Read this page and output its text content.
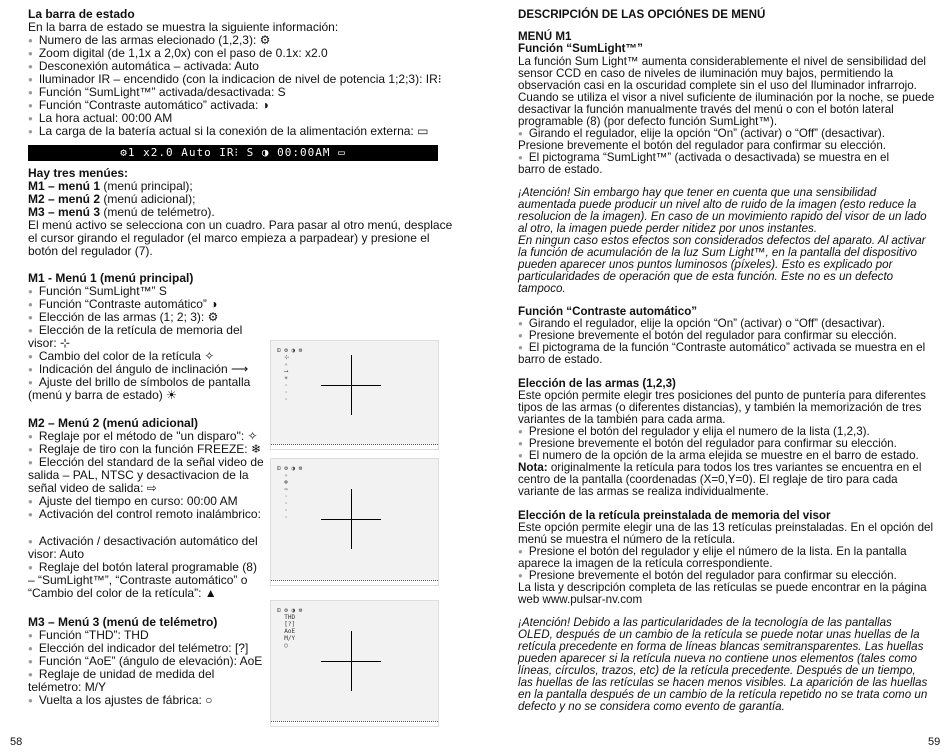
La barra de estado
En la barra de estado se muestra la siguiente información:
● Numero de las armas elecionado (1,2,3): ⚙
● Zoom digital (de 1,1x a 2,0x) con el paso de 0.1x: x2.0
● Desconexión automática – activada: Auto
● Iluminador IR – encendido (con la indicacion de nivel de potencia 1;2;3): IR⁝
● Función “SumLight™” activada/desactivada: S
● Función “Contraste automático” activada: ◑
● La hora actual: 00:00 AM
● La carga de la batería actual si la conexión de la alimentación externa: ▭
Hay tres menúes:
M1 – menú 1 (menú principal);
M2 – menú 2 (menú adicional);
M3 – menú 3 (menú de telémetro).
El menú activo se selecciona con un cuadro. Para pasar al otro menú, desplace
el cursor girando el regulador (el marco empieza a parpadear) y presione el
botón del regulador (7).
M1 - Menú 1 (menú principal)
● Función “SumLight™” S
● Función “Contraste automático” ◑
● Elección de las armas (1; 2; 3): ⚙
● Elección de la retícula de memoria del
visor: ⊹
● Cambio del color de la retícula ✧
● Indicación del ángulo de inclinación ⟶
● Ajuste del brillo de símbolos de pantalla
(menú y barra de estado) ☀
M2 – Menú 2 (menú adicional)
● Reglaje por el método de "un disparo": ✧
● Reglaje de tiro con la función FREEZE: ❄
● Elección del standard de la señal video de
salida – PAL, NTSC y desactivacion de la
señal video de salida: ⇨
● Ajuste del tiempo en curso: 00:00 AM
● Activación del control remoto inalámbrico:
● Activación / desactivación automático del
visor: Auto
● Reglaje del botón lateral programable (8)
– “SumLight™”, “Contraste automático” o
“Cambio del color de la retícula”: ▲
M3 – Menú 3 (menú de telémetro)
● Función “THD”: THD
● Elección del indicador del telémetro: [?]
● Función “AoE” (ángulo de elevación): AoE
● Reglaje de unidad de medida del
telémetro: M/Y
● Vuelta a los ajustes de fábrica: ○
DESCRIPCIÓN DE LAS OPCIÓNES DE MENÚ
MENÚ M1
Función “SumLight™”
La función Sum Light™ aumenta considerablemente el nivel de sensibilidad del
sensor CCD en caso de niveles de iluminación muy bajos, permitiendo la
observación casi en la oscuridad complete sin el uso del Iluminador infrarrojo.
Cuando se utiliza el visor a nivel suficiente de iluminación por la noche, se puede
desactivar la función manualmente través del menú o con el botón lateral
programable (8) (por defecto función SumLight™).
● Girando el regulador, elije la opción “On” (activar) o “Off” (desactivar).
Presione brevemente el botón del regulador para confirmar su elección.
● El pictograma “SumLight™” (activada o desactivada) se muestra en el
barro de estado.
¡Atención! Sin embargo hay que tener en cuenta que una sensibilidad
aumentada puede producir un nivel alto de ruido de la imagen (esto reduce la
resolucion de la imagen). En caso de un movimiento rapido del visor de un lado
al otro, la imagen puede perder nitidez por unos instantes.
En ningun caso estos efectos son considerados defectos del aparato. Al activar
la función de acumulación de la luz Sum Light™, en la pantalla del dispositivo
pueden aparecer unos puntos luminosos (píxeles). Esto es explicado por
particularidades de operación que de esta función. Este no es un defecto
tampoco.
Función “Contraste automático”
● Girando el regulador, elije la opción “On” (activar) o “Off” (desactivar).
● Presione brevemente el botón del regulador para confirmar su elección.
● El pictograma de la función “Contraste automático” activada se muestra en el
barro de estado.
Elección de las armas (1,2,3)
Este opción permite elegir tres posiciones del punto de puntería para diferentes
tipos de las armas (o diferentes distancias), y también la memorización de tres
variantes de la también para cada arma.
● Presione el botón del regulador y elija el numero de la lista (1,2,3).
● Presione brevemente el botón del regulador para confirmar su elección.
● El numero de la opción de la arma elejida se muestre en el barro de estado.
Nota: originalmente la retícula para todos los tres variantes se encuentra en el
centro de la pantalla (coordenadas (X=0,Y=0). El reglaje de tiro para cada
variante de las armas se realiza individualmente.
Elección de la retícula preinstalada de memoria del visor
Este opción permite elegir una de las 13 retículas preinstaladas. En el opción del
menú se muestra el número de la retícula.
● Presione el botón del regulador y elije el número de la lista. En la pantalla
aparece la imagen de la retícula correspondiente.
● Presione brevemente el botón del regulador para confirmar su elección.
La lista y descripción completa de las retículas se puede encontrar en la página
web www.pulsar-nv.com
¡Atención! Debido a las particularidades de la tecnología de las pantallas
OLED, después de un cambio de la retícula se puede notar unas huellas de la
retícula precedente en forma de líneas blancas semitransparentes. Las huellas
pueden aparecer si la retícula nueva no contiene unos elementos (tales como
líneas, círculos, trazos, etc) de la retícula precedente. Después de un tiempo,
las huellas de las retículas se hacen menos visibles. La aparición de las huellas
en la pantalla después de un cambio de la retícula repetido no se trata como un
defecto y no se considera como evento de garantía.
⚙1 x2.0 Auto IR⁝ S ◑ 00:00AM ▭
⊡ ⚙ ◑ ⚙
⊹
✧
⟶
☀
·
·
·
⊡ ⚙ ◑ ⚙
✧
❄
⇨
·
·
·
·
⊡ ⚙ ◑ ⚙
THD
[?]
AoE
M/Y
○
58	59
